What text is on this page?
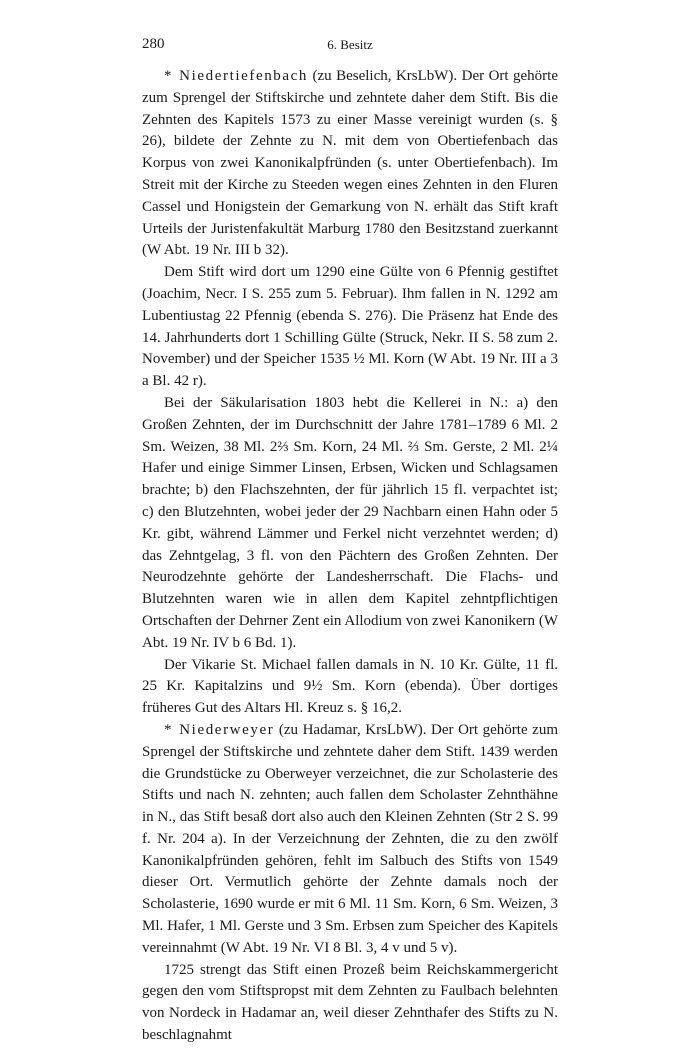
280	6. Besitz

* Niedertiefenbach (zu Beselich, KrsLbW). Der Ort gehörte zum Sprengel der Stiftskirche und zehntete daher dem Stift. Bis die Zehnten des Kapitels 1573 zu einer Masse vereinigt wurden (s. § 26), bildete der Zehnte zu N. mit dem von Obertiefenbach das Korpus von zwei Kanonikalpfründen (s. unter Obertiefenbach). Im Streit mit der Kirche zu Steeden wegen eines Zehnten in den Fluren Cassel und Honigstein der Gemarkung von N. erhält das Stift kraft Urteils der Juristenfakultät Marburg 1780 den Besitzstand zuerkannt (W Abt. 19 Nr. III b 32).

Dem Stift wird dort um 1290 eine Gülte von 6 Pfennig gestiftet (Joachim, Necr. I S. 255 zum 5. Februar). Ihm fallen in N. 1292 am Lubentiustag 22 Pfennig (ebenda S. 276). Die Präsenz hat Ende des 14. Jahrhunderts dort 1 Schilling Gülte (Struck, Nekr. II S. 58 zum 2. November) und der Speicher 1535 ½ Ml. Korn (W Abt. 19 Nr. III a 3 a Bl. 42 r).

Bei der Säkularisation 1803 hebt die Kellerei in N.: a) den Großen Zehnten, der im Durchschnitt der Jahre 1781–1789 6 Ml. 2 Sm. Weizen, 38 Ml. 2⅔ Sm. Korn, 24 Ml. ⅔ Sm. Gerste, 2 Ml. 2¼ Hafer und einige Simmer Linsen, Erbsen, Wicken und Schlagsamen brachte; b) den Flachszehnten, der für jährlich 15 fl. verpachtet ist; c) den Blutzehnten, wobei jeder der 29 Nachbarn einen Hahn oder 5 Kr. gibt, während Lämmer und Ferkel nicht verzehntet werden; d) das Zehntgelag, 3 fl. von den Pächtern des Großen Zehnten. Der Neurodzehnte gehörte der Landesherrschaft. Die Flachs- und Blutzehnten waren wie in allen dem Kapitel zehntpflichtigen Ortschaften der Dehrner Zent ein Allodium von zwei Kanonikern (W Abt. 19 Nr. IV b 6 Bd. 1).

Der Vikarie St. Michael fallen damals in N. 10 Kr. Gülte, 11 fl. 25 Kr. Kapitalzins und 9½ Sm. Korn (ebenda). Über dortiges früheres Gut des Altars Hl. Kreuz s. § 16,2.

* Niederweyer (zu Hadamar, KrsLbW). Der Ort gehörte zum Sprengel der Stiftskirche und zehntete daher dem Stift. 1439 werden die Grundstücke zu Oberweyer verzeichnet, die zur Scholasterie des Stifts und nach N. zehnten; auch fallen dem Scholaster Zehnthähne in N., das Stift besaß dort also auch den Kleinen Zehnten (Str 2 S. 99 f. Nr. 204 a). In der Verzeichnung der Zehnten, die zu den zwölf Kanonikalpfründen gehören, fehlt im Salbuch des Stifts von 1549 dieser Ort. Vermutlich gehörte der Zehnte damals noch der Scholasterie, 1690 wurde er mit 6 Ml. 11 Sm. Korn, 6 Sm. Weizen, 3 Ml. Hafer, 1 Ml. Gerste und 3 Sm. Erbsen zum Speicher des Kapitels vereinnahmt (W Abt. 19 Nr. VI 8 Bl. 3, 4 v und 5 v).

1725 strengt das Stift einen Prozeß beim Reichskammergericht gegen den vom Stiftspropst mit dem Zehnten zu Faulbach belehnten von Nordeck in Hadamar an, weil dieser Zehnthafer des Stifts zu N. beschlagnahmt
